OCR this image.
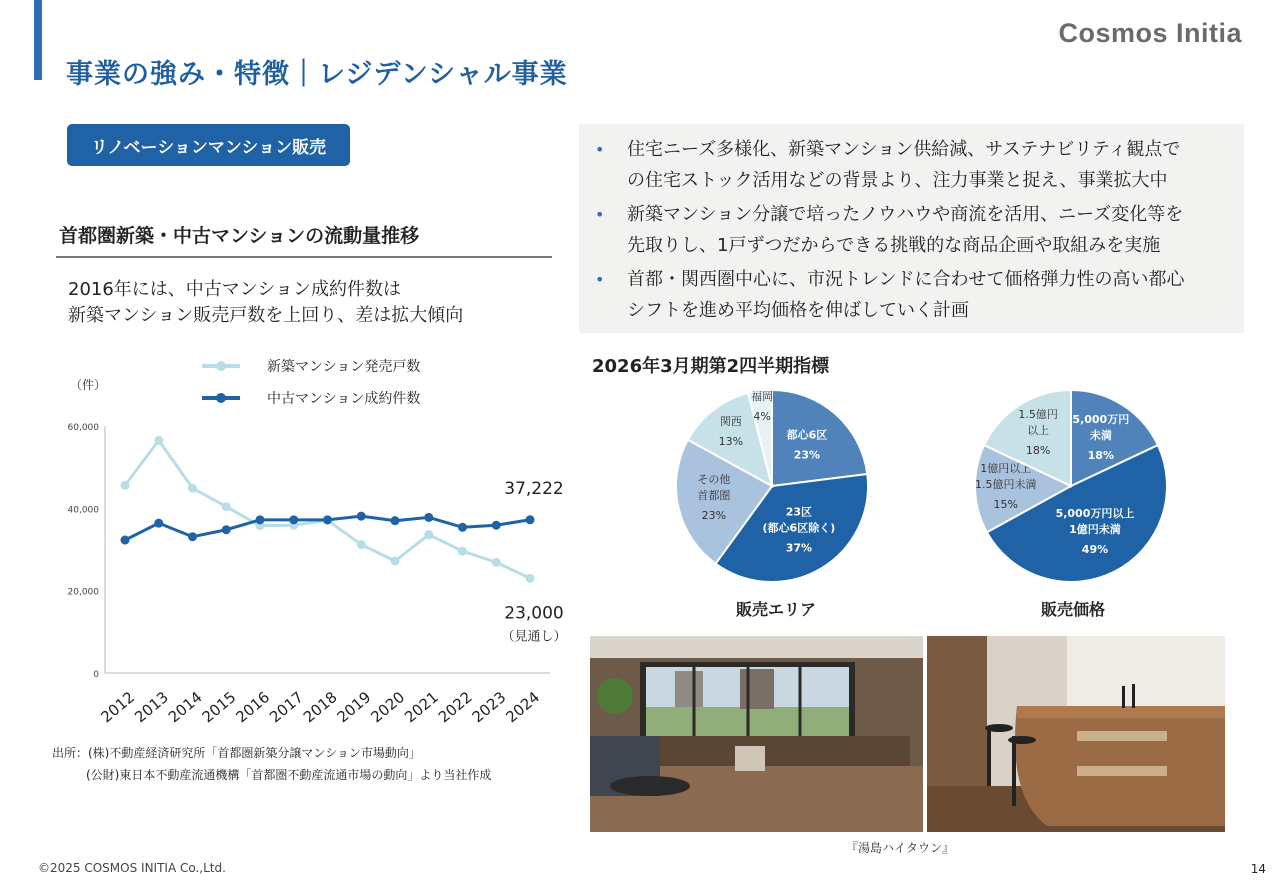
事業の強み・特徴｜レジデンシャル事業
Cosmos Initia
リノベーションマンション販売
首都圏新築・中古マンションの流動量推移
2016年には、中古マンション成約件数は
新築マンション販売戸数を上回り、差は拡大傾向
（件）
新築マンション発売戸数
中古マンション成約件数
0
20,000
40,000
60,000
2012
2013
2014
2015
2016
2017
2018
2019
2020
2021
2022
2023
2024
37,222
23,000
（見通し）
出所：(株)不動産経済研究所「首都圏新築分譲マンション市場動向」
(公財)東日本不動産流通機構「首都圏不動産流通市場の動向」より当社作成
• 住宅ニーズ多様化、新築マンション供給減、サステナビリティ観点で
の住宅ストック活用などの背景より、注力事業と捉え、事業拡大中
• 新築マンション分譲で培ったノウハウや商流を活用、ニーズ変化等を
先取りし、1戸ずつだからできる挑戦的な商品企画や取組みを実施
• 首都・関西圏中心に、市況トレンドに合わせて価格弾力性の高い都心
シフトを進め平均価格を伸ばしていく計画
2026年3月期第2四半期指標
都心6区
23%
23区
(都心6区除く)
37%
その他
首都圏
23%
関西
13%
福岡
4%
販売エリア
5,000万円
未満
18%
5,000万円以上
1億円未満
49%
1億円以上
1.5億円未満
15%
1.5億円
以上
18%
販売価格
『湯島ハイタウン』
©2025 COSMOS INITIA Co.,Ltd.	14
